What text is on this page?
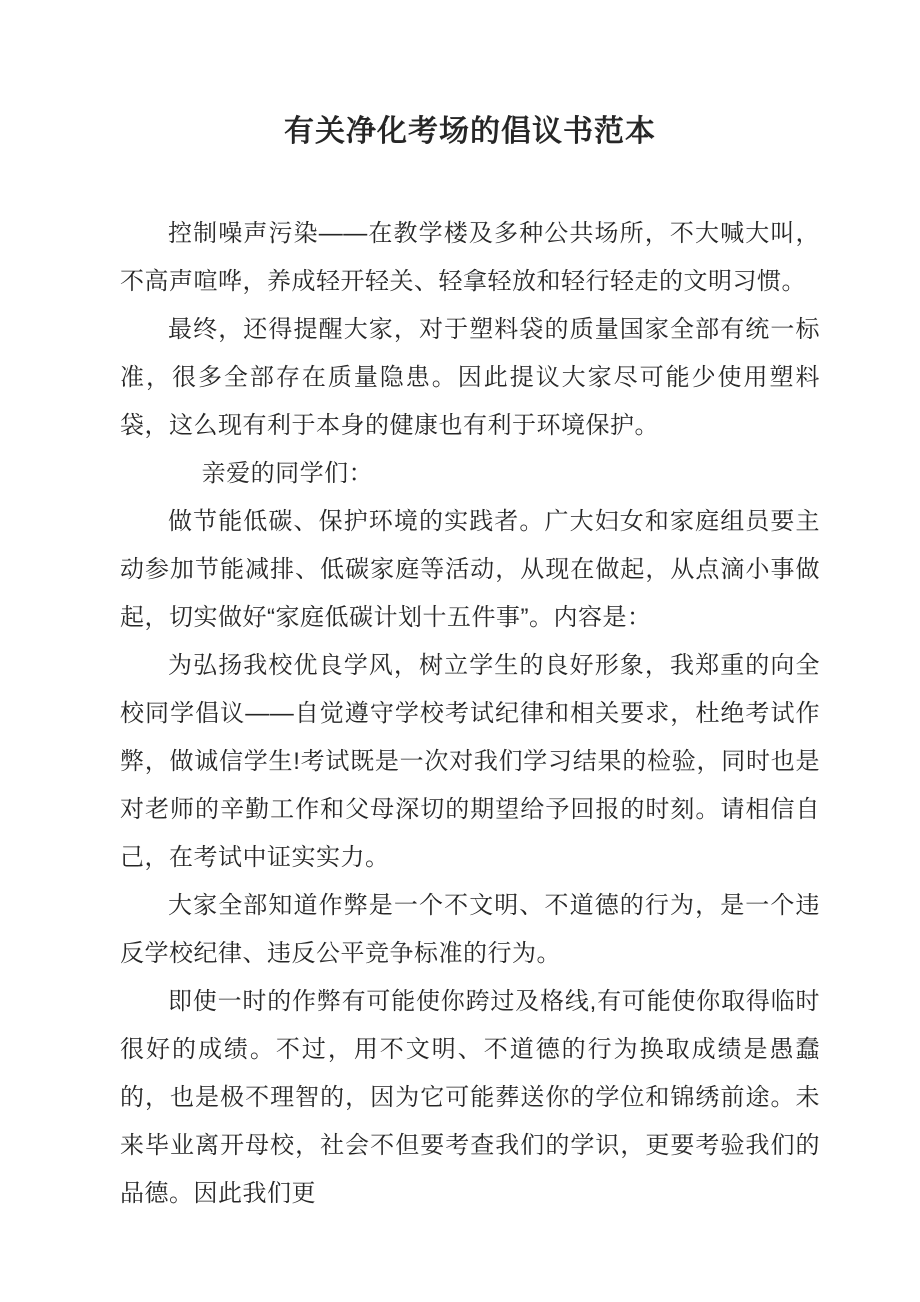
有关净化考场的倡议书范本

控制噪声污染――在教学楼及多种公共场所，不大喊大叫，不高声喧哗，养成轻开轻关、轻拿轻放和轻行轻走的文明习惯。

最终，还得提醒大家，对于塑料袋的质量国家全部有统一标准，很多全部存在质量隐患。因此提议大家尽可能少使用塑料袋，这么现有利于本身的健康也有利于环境保护。

亲爱的同学们：

做节能低碳、保护环境的实践者。广大妇女和家庭组员要主动参加节能减排、低碳家庭等活动，从现在做起，从点滴小事做起，切实做好“家庭低碳计划十五件事”。内容是：

为弘扬我校优良学风，树立学生的良好形象，我郑重的向全校同学倡议――自觉遵守学校考试纪律和相关要求，杜绝考试作弊，做诚信学生!考试既是一次对我们学习结果的检验，同时也是对老师的辛勤工作和父母深切的期望给予回报的时刻。请相信自己，在考试中证实实力。

大家全部知道作弊是一个不文明、不道德的行为，是一个违反学校纪律、违反公平竞争标准的行为。

即使一时的作弊有可能使你跨过及格线,有可能使你取得临时很好的成绩。不过，用不文明、不道德的行为换取成绩是愚蠢的，也是极不理智的，因为它可能葬送你的学位和锦绣前途。未来毕业离开母校，社会不但要考查我们的学识，更要考验我们的品德。因此我们更
